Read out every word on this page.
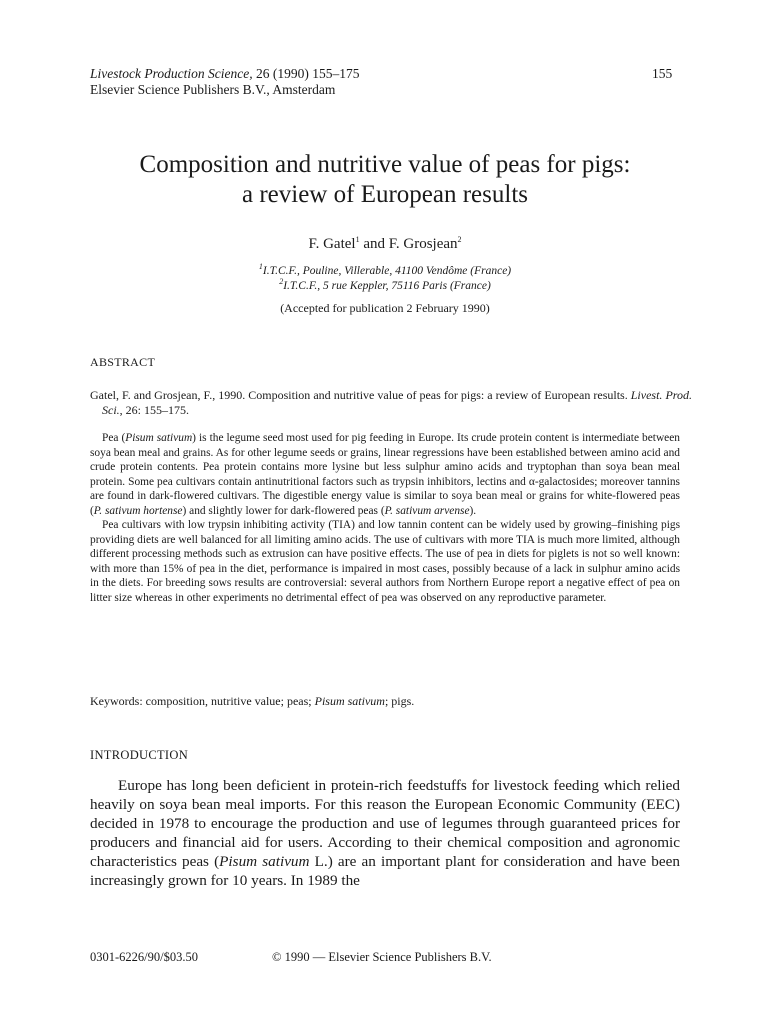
Livestock Production Science, 26 (1990) 155–175
Elsevier Science Publishers B.V., Amsterdam
155
Composition and nutritive value of peas for pigs:
a review of European results
F. Gatel$^1$ and F. Grosjean$^2$
$^1$I.T.C.F., Pouline, Villerable, 41100 Vendôme (France)
$^2$I.T.C.F., 5 rue Keppler, 75116 Paris (France)
(Accepted for publication 2 February 1990)
ABSTRACT
Gatel, F. and Grosjean, F., 1990. Composition and nutritive value of peas for pigs: a review of European results. Livest. Prod. Sci., 26: 155–175.

Pea (Pisum sativum) is the legume seed most used for pig feeding in Europe. Its crude protein content is intermediate between soya bean meal and grains. As for other legume seeds or grains, linear regressions have been established between amino acid and crude protein contents. Pea protein contains more lysine but less sulphur amino acids and tryptophan than soya bean meal protein. Some pea cultivars contain antinutritional factors such as trypsin inhibitors, lectins and α-galactosides; moreover tannins are found in dark-flowered cultivars. The digestible energy value is similar to soya bean meal or grains for white-flowered peas (P. sativum hortense) and slightly lower for dark-flowered peas (P. sativum arvense).

Pea cultivars with low trypsin inhibiting activity (TIA) and low tannin content can be widely used by growing–finishing pigs providing diets are well balanced for all limiting amino acids. The use of cultivars with more TIA is much more limited, although different processing methods such as extrusion can have positive effects. The use of pea in diets for piglets is not so well known: with more than 15% of pea in the diet, performance is impaired in most cases, possibly because of a lack in sulphur amino acids in the diets. For breeding sows results are controversial: several authors from Northern Europe report a negative effect of pea on litter size whereas in other experiments no detrimental effect of pea was observed on any reproductive parameter.

Keywords: composition, nutritive value; peas; Pisum sativum; pigs.
INTRODUCTION

Europe has long been deficient in protein-rich feedstuffs for livestock feeding which relied heavily on soya bean meal imports. For this reason the European Economic Community (EEC) decided in 1978 to encourage the production and use of legumes through guaranteed prices for producers and financial aid for users. According to their chemical composition and agronomic characteristics peas (Pisum sativum L.) are an important plant for consideration and have been increasingly grown for 10 years. In 1989 the

0301-6226/90/$03.50	© 1990 — Elsevier Science Publishers B.V.
